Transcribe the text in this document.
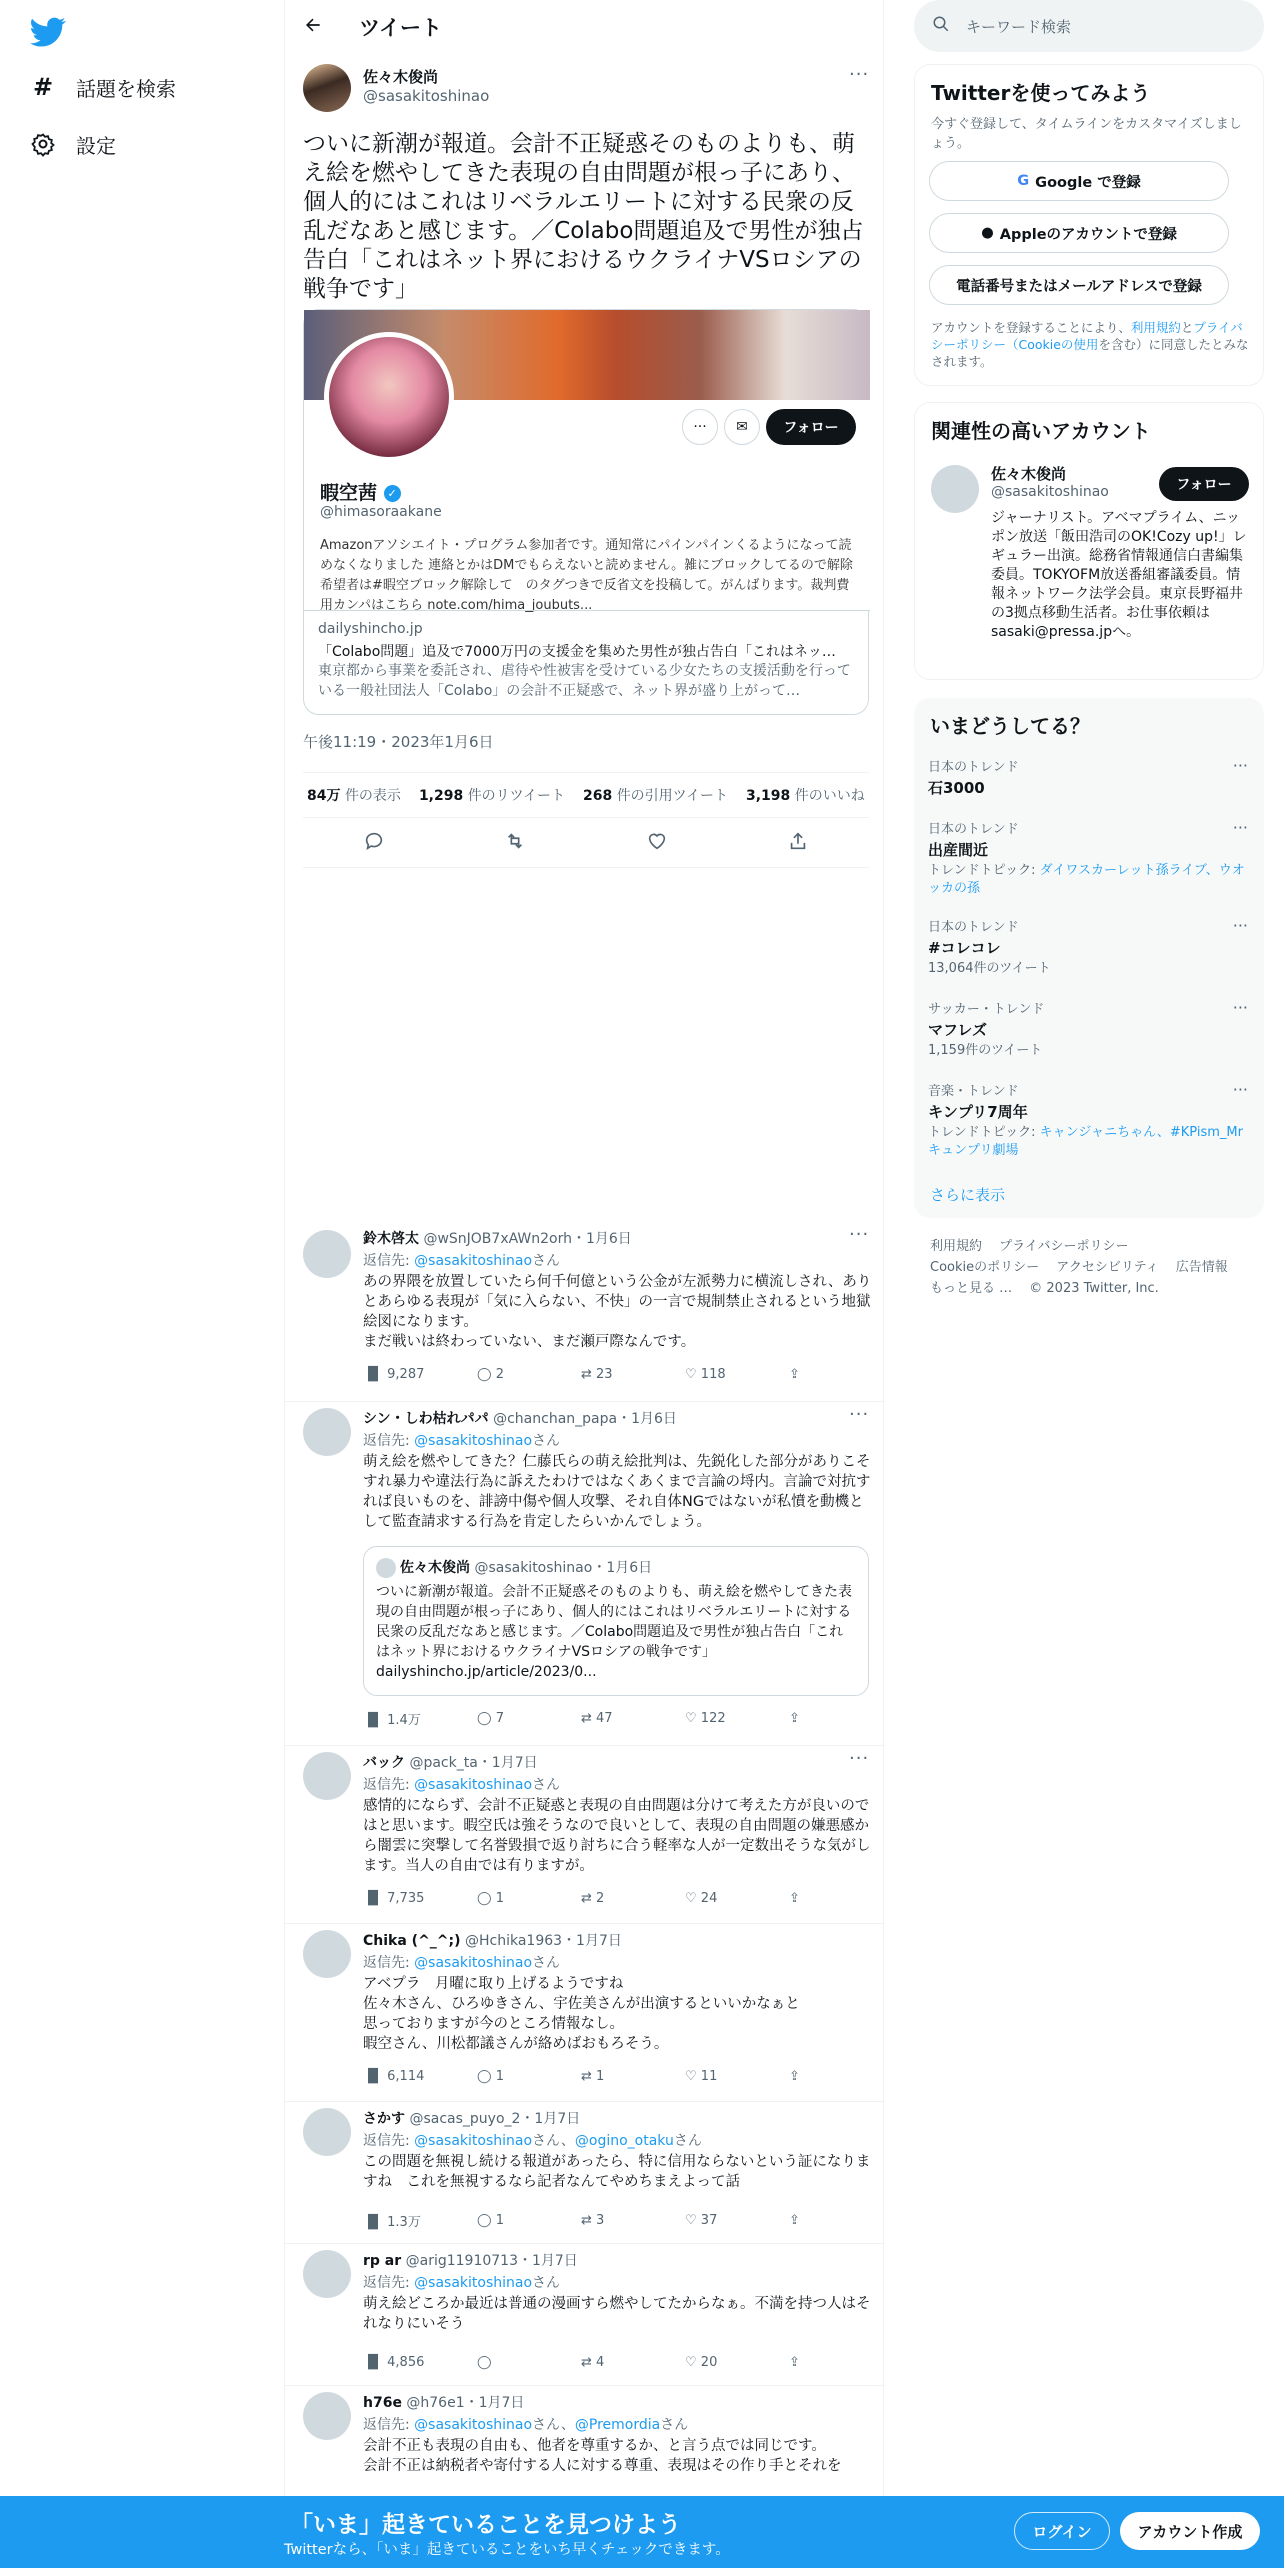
# 話題を検索
設定
ツイート
佐々木俊尚
@sasakitoshinao
···
ついに新潮が報道。会計不正疑惑そのものよりも、萌え絵を燃やしてきた表現の自由問題が根っ子にあり、個人的にはこれはリベラルエリートに対する民衆の反乱だなあと感じます。／Colabo問題追及で男性が独占告白「これはネット界におけるウクライナVSロシアの戦争です」
···	✉	フォロー
暇空茜 ✓
@himasoraakane
Amazonアソシエイト・プログラム参加者です。通知常にパインパインくるようになって読めなくなりました 連絡とかはDMでもらえないと読めません。雑にブロックしてるので解除希望者は#暇空ブロック解除して　のタグつきで反省文を投稿して。がんばります。裁判費用カンパはこちら note.com/hima_joubuts...
dailyshincho.jp
「Colabo問題」追及で7000万円の支援金を集めた男性が独占告白「これはネッ…
東京都から事業を委託され、虐待や性被害を受けている少女たちの支援活動を行っている一般社団法人「Colabo」の会計不正疑惑で、ネット界が盛り上がって…
午後11:19・2023年1月6日
84万 件の表示 1,298 件のリツイート 268 件の引用ツイート 3,198 件のいいね
鈴木啓太 @wSnJOB7xAWn2orh・1月6日	···
返信先: @sasakitoshinaoさん
あの界隈を放置していたら何千何億という公金が左派勢力に横流しされ、ありとあらゆる表現が「気に入らない、不快」の一言で規制禁止されるという地獄絵図になります。
まだ戦いは終わっていない、まだ瀬戸際なんです。
▐▌ 9,287	◯ 2	⇄ 23	♡ 118	⇪
シン・しわ枯れパパ @chanchan_papa・1月6日	···
返信先: @sasakitoshinaoさん
萌え絵を燃やしてきた？仁藤氏らの萌え絵批判は、先鋭化した部分がありこそすれ暴力や違法行為に訴えたわけではなくあくまで言論の埒内。言論で対抗すれば良いものを、誹謗中傷や個人攻撃、それ自体NGではないが私憤を動機として監査請求する行為を肯定したらいかんでしょう。
佐々木俊尚 @sasakitoshinao・1月6日
ついに新潮が報道。会計不正疑惑そのものよりも、萌え絵を燃やしてきた表現の自由問題が根っ子にあり、個人的にはこれはリベラルエリートに対する民衆の反乱だなあと感じます。／Colabo問題追及で男性が独占告白「これはネット界におけるウクライナVSロシアの戦争です」
dailyshincho.jp/article/2023/0...
▐▌ 1.4万	◯ 7	⇄ 47	♡ 122	⇪
バック @pack_ta・1月7日	···
返信先: @sasakitoshinaoさん
感情的にならず、会計不正疑惑と表現の自由問題は分けて考えた方が良いのではと思います。暇空氏は強そうなので良いとして、表現の自由問題の嫌悪感から闇雲に突撃して名誉毀損で返り討ちに合う軽率な人が一定数出そうな気がします。当人の自由では有りますが。
▐▌ 7,735	◯ 1	⇄ 2	♡ 24	⇪
Chika (^_^;) @Hchika1963・1月7日
返信先: @sasakitoshinaoさん
アベプラ　月曜に取り上げるようですね
佐々木さん、ひろゆきさん、宇佐美さんが出演するといいかなぁと
思っておりますが今のところ情報なし。
暇空さん、川松都議さんが絡めばおもろそう。
▐▌ 6,114	◯ 1	⇄ 1	♡ 11	⇪
さかす @sacas_puyo_2・1月7日
返信先: @sasakitoshinaoさん、@ogino_otakuさん
この問題を無視し続ける報道があったら、特に信用ならないという証になりますね　これを無視するなら記者なんてやめちまえよって話
▐▌ 1.3万	◯ 1	⇄ 3	♡ 37	⇪
rp ar @arig11910713・1月7日
返信先: @sasakitoshinaoさん
萌え絵どころか最近は普通の漫画すら燃やしてたからなぁ。不満を持つ人はそれなりにいそう
▐▌ 4,856	◯	⇄ 4	♡ 20	⇪
h76e @h76e1・1月7日
返信先: @sasakitoshinaoさん、@Premordiaさん
会計不正も表現の自由も、他者を尊重するか、と言う点では同じです。
会計不正は納税者や寄付する人に対する尊重、表現はその作り手とそれを
キーワード検索
Twitterを使ってみよう
今すぐ登録して、タイムラインをカスタマイズしましょう。
G Google で登録
● Appleのアカウントで登録
電話番号またはメールアドレスで登録
アカウントを登録することにより、利用規約とプライバシーポリシー（Cookieの使用を含む）に同意したとみなされます。
関連性の高いアカウント
佐々木俊尚
@sasakitoshinao	フォロー
ジャーナリスト。アベマプライム、ニッポン放送「飯田浩司のOK!Cozy up!」レギュラー出演。総務省情報通信白書編集委員。TOKYOFM放送番組審議委員。情報ネットワーク法学会員。東京長野福井の3拠点移動生活者。お仕事依頼はsasaki@pressa.jpへ。
いまどうしてる？
日本のトレンド
石3000
···
日本のトレンド
出産間近
トレンドトピック: ダイワスカーレット孫ライブ、ウオッカの孫
···
日本のトレンド
#コレコレ
13,064件のツイート
···
サッカー・トレンド
マフレズ
1,159件のツイート
···
音楽・トレンド
キンプリ7周年
トレンドトピック: キャンジャニちゃん、#KPism_Mrキュンプリ劇場
···
さらに表示
利用規約　 プライバシーポリシー
Cookieのポリシー　 アクセシビリティ　 広告情報
もっと見る …　 © 2023 Twitter, Inc.
「いま」起きていることを見つけよう
Twitterなら、「いま」起きていることをいち早くチェックできます。
ログイン	アカウント作成
